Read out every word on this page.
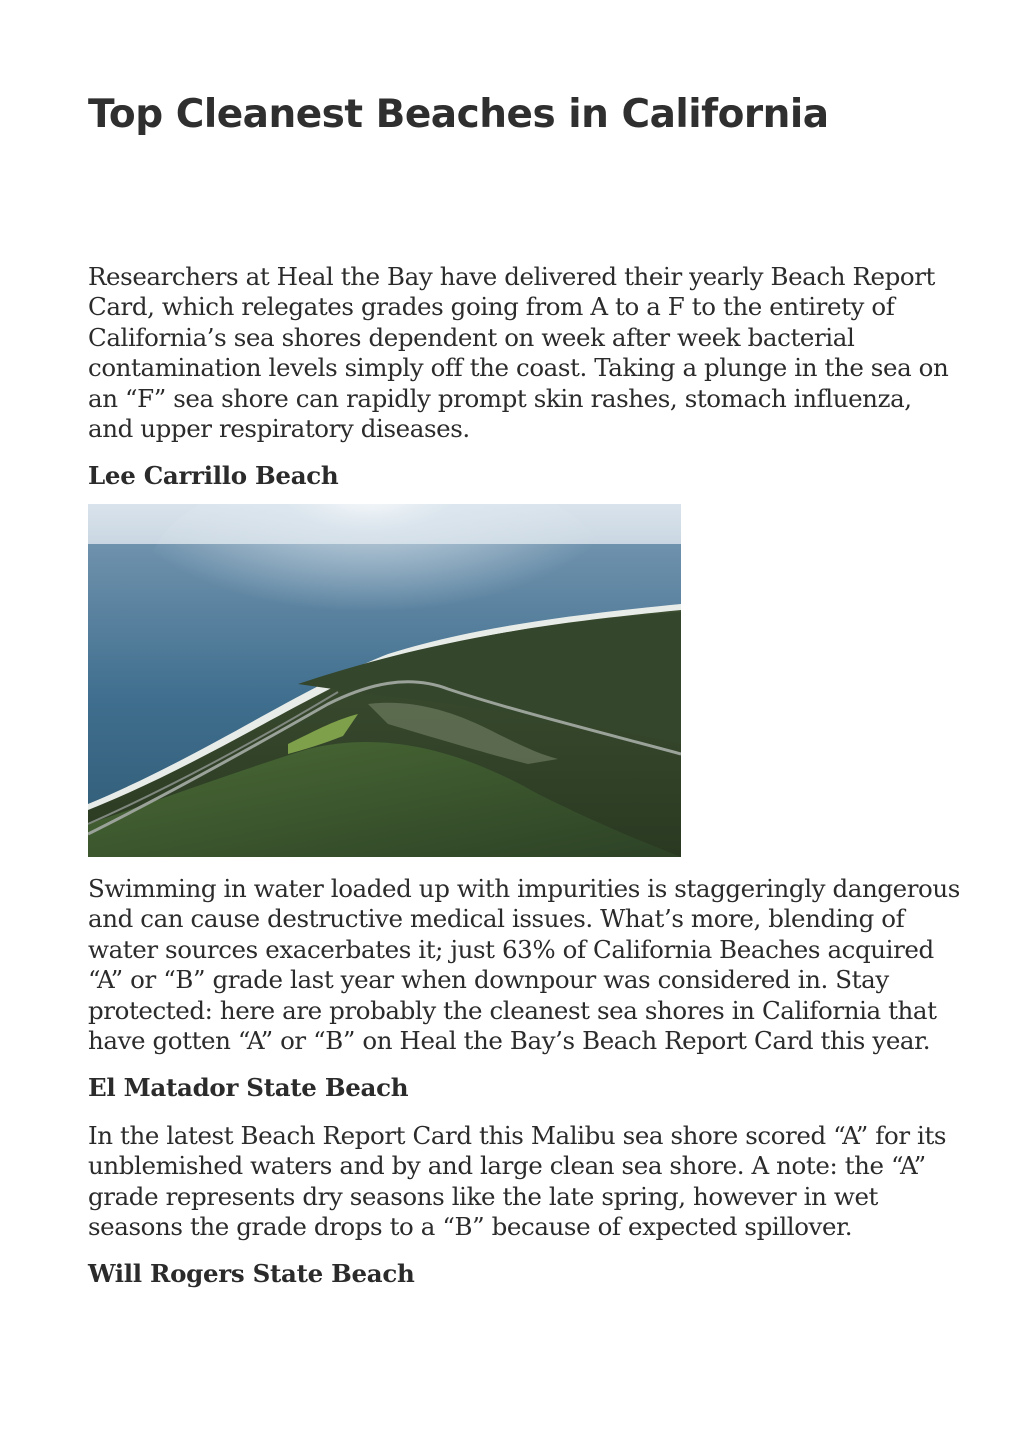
Top Cleanest Beaches in California

Researchers at Heal the Bay have delivered their yearly Beach Report
Card, which relegates grades going from A to a F to the entirety of
California’s sea shores dependent on week after week bacterial
contamination levels simply off the coast. Taking a plunge in the sea on
an “F” sea shore can rapidly prompt skin rashes, stomach influenza,
and upper respiratory diseases.

Lee Carrillo Beach

Swimming in water loaded up with impurities is staggeringly dangerous
and can cause destructive medical issues. What’s more, blending of
water sources exacerbates it; just 63% of California Beaches acquired
“A” or “B” grade last year when downpour was considered in. Stay
protected: here are probably the cleanest sea shores in California that
have gotten “A” or “B” on Heal the Bay’s Beach Report Card this year.

El Matador State Beach

In the latest Beach Report Card this Malibu sea shore scored “A” for its
unblemished waters and by and large clean sea shore. A note: the “A”
grade represents dry seasons like the late spring, however in wet
seasons the grade drops to a “B” because of expected spillover.

Will Rogers State Beach
